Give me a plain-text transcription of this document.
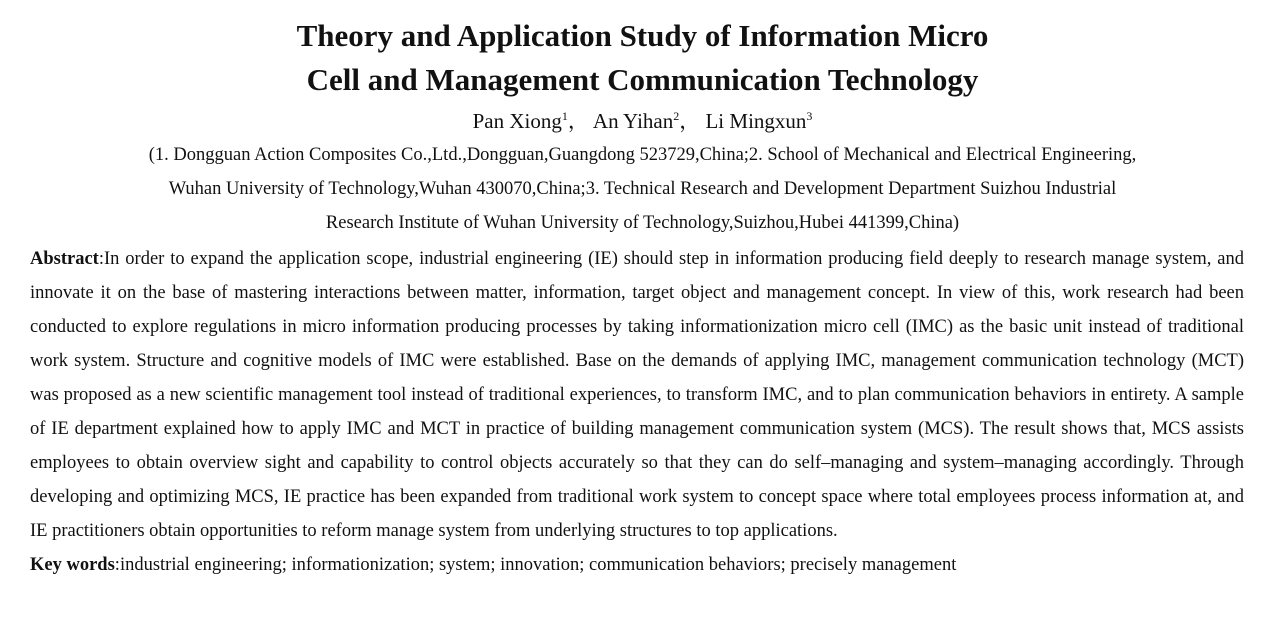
Theory and Application Study of Information Micro
Cell and Management Communication Technology
Pan Xiong$^1$， An Yihan$^2$， Li Mingxun$^3$
(1. Dongguan Action Composites Co.,Ltd.,Dongguan,Guangdong 523729,China;2. School of Mechanical and Electrical Engineering,
Wuhan University of Technology,Wuhan 430070,China;3. Technical Research and Development Department Suizhou Industrial
Research Institute of Wuhan University of Technology,Suizhou,Hubei 441399,China)

Abstract:In order to expand the application scope, industrial engineering (IE) should step in information producing field deeply to research manage system, and innovate it on the base of mastering interactions between matter, information, target object and management concept. In view of this, work research had been conducted to explore regulations in micro information producing processes by taking informationization micro cell (IMC) as the basic unit instead of traditional work system. Structure and cognitive models of IMC were established. Base on the demands of applying IMC, management communication technology (MCT) was proposed as a new scientific management tool instead of traditional experiences, to transform IMC, and to plan communication behaviors in entirety. A sample of IE department explained how to apply IMC and MCT in practice of building management communication system (MCS). The result shows that, MCS assists employees to obtain overview sight and capability to control objects accurately so that they can do self–managing and system–managing accordingly. Through developing and optimizing MCS, IE practice has been expanded from traditional work system to concept space where total employees process information at, and IE practitioners obtain opportunities to reform manage system from underlying structures to top applications.

Key words:industrial engineering; informationization; system; innovation; communication behaviors; precisely management
